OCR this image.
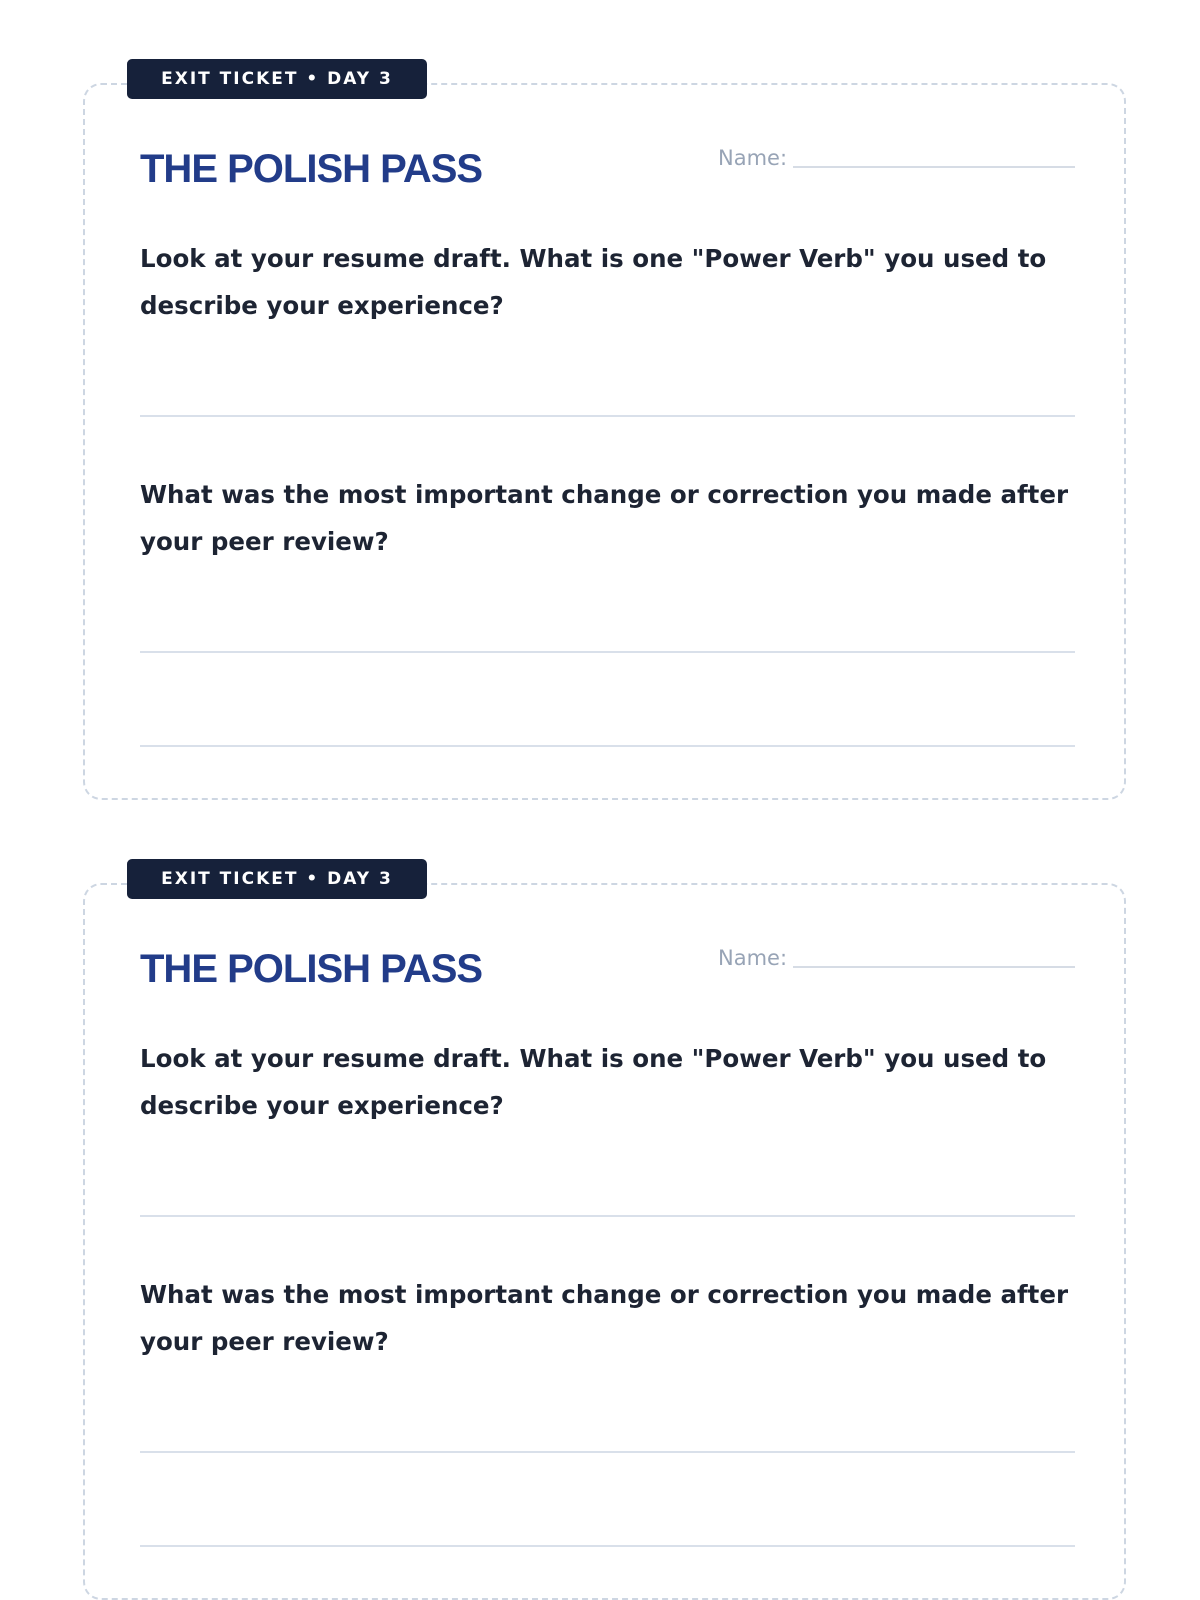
EXIT TICKET • DAY 3
THE POLISH PASS	Name:

Look at your resume draft. What is one "Power Verb" you used to describe your experience?

What was the most important change or correction you made after your peer review?

EXIT TICKET • DAY 3
THE POLISH PASS	Name:

Look at your resume draft. What is one "Power Verb" you used to describe your experience?

What was the most important change or correction you made after your peer review?
